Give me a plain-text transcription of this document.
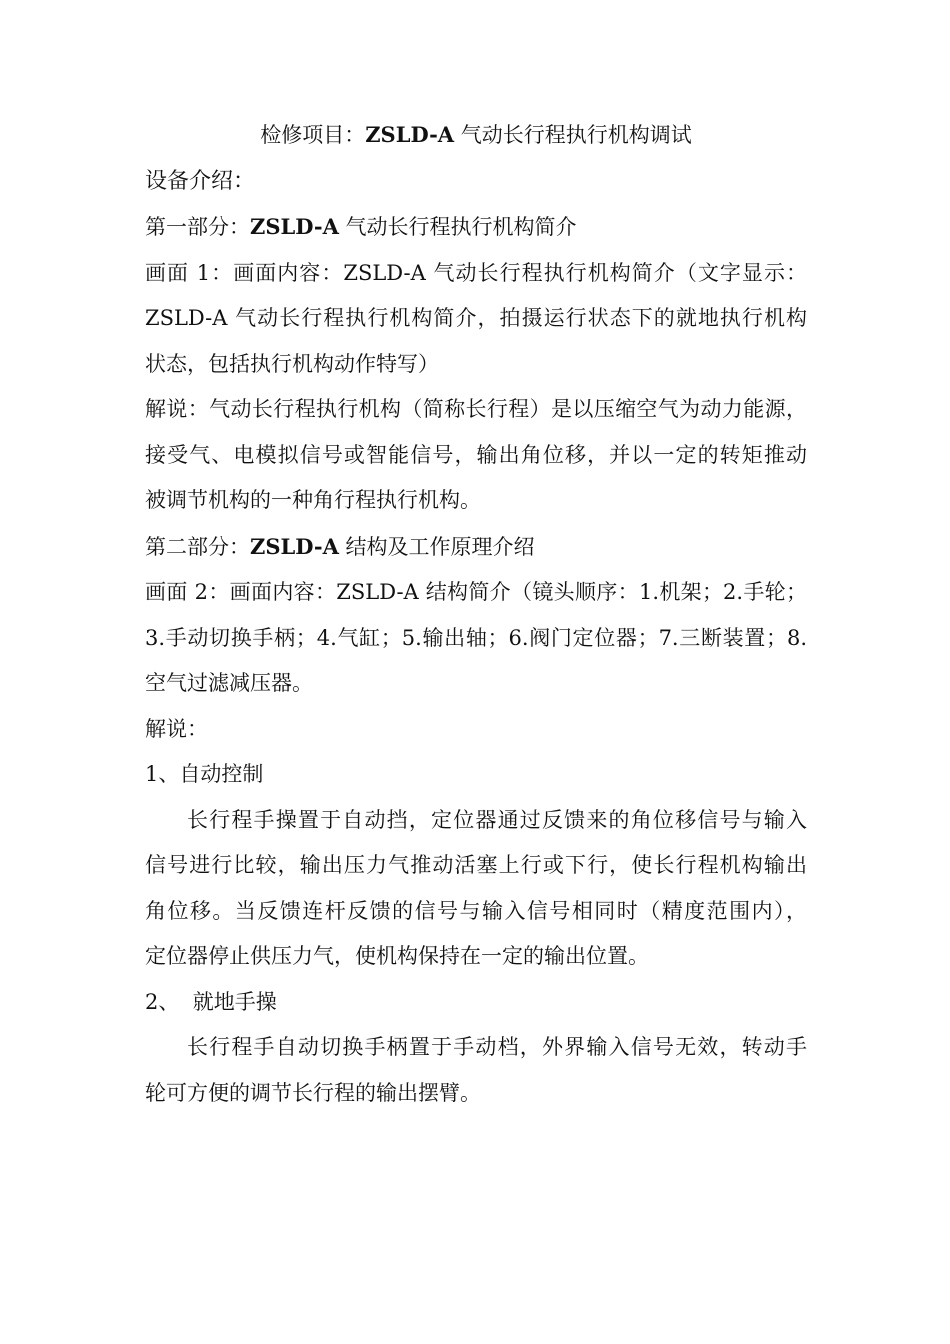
检修项目：ZSLD-A 气动长行程执行机构调试

设备介绍：

第一部分：ZSLD-A 气动长行程执行机构简介

画面 1：画面内容：ZSLD-A 气动长行程执行机构简介（文字显示：

ZSLD-A 气动长行程执行机构简介，拍摄运行状态下的就地执行机构

状态，包括执行机构动作特写）

解说：气动长行程执行机构（简称长行程）是以压缩空气为动力能源，

接受气、电模拟信号或智能信号，输出角位移，并以一定的转矩推动

被调节机构的一种角行程执行机构。

第二部分：ZSLD-A 结构及工作原理介绍

画面 2：画面内容：ZSLD-A 结构简介（镜头顺序：1.机架；2.手轮；

3.手动切换手柄；4.气缸；5.输出轴；6.阀门定位器；7.三断装置；8.

空气过滤减压器。

解说：

1、自动控制

长行程手操置于自动挡，定位器通过反馈来的角位移信号与输入

信号进行比较，输出压力气推动活塞上行或下行，使长行程机构输出

角位移。当反馈连杆反馈的信号与输入信号相同时（精度范围内），

定位器停止供压力气，使机构保持在一定的输出位置。

2、  就地手操

长行程手自动切换手柄置于手动档，外界输入信号无效，转动手

轮可方便的调节长行程的输出摆臂。
